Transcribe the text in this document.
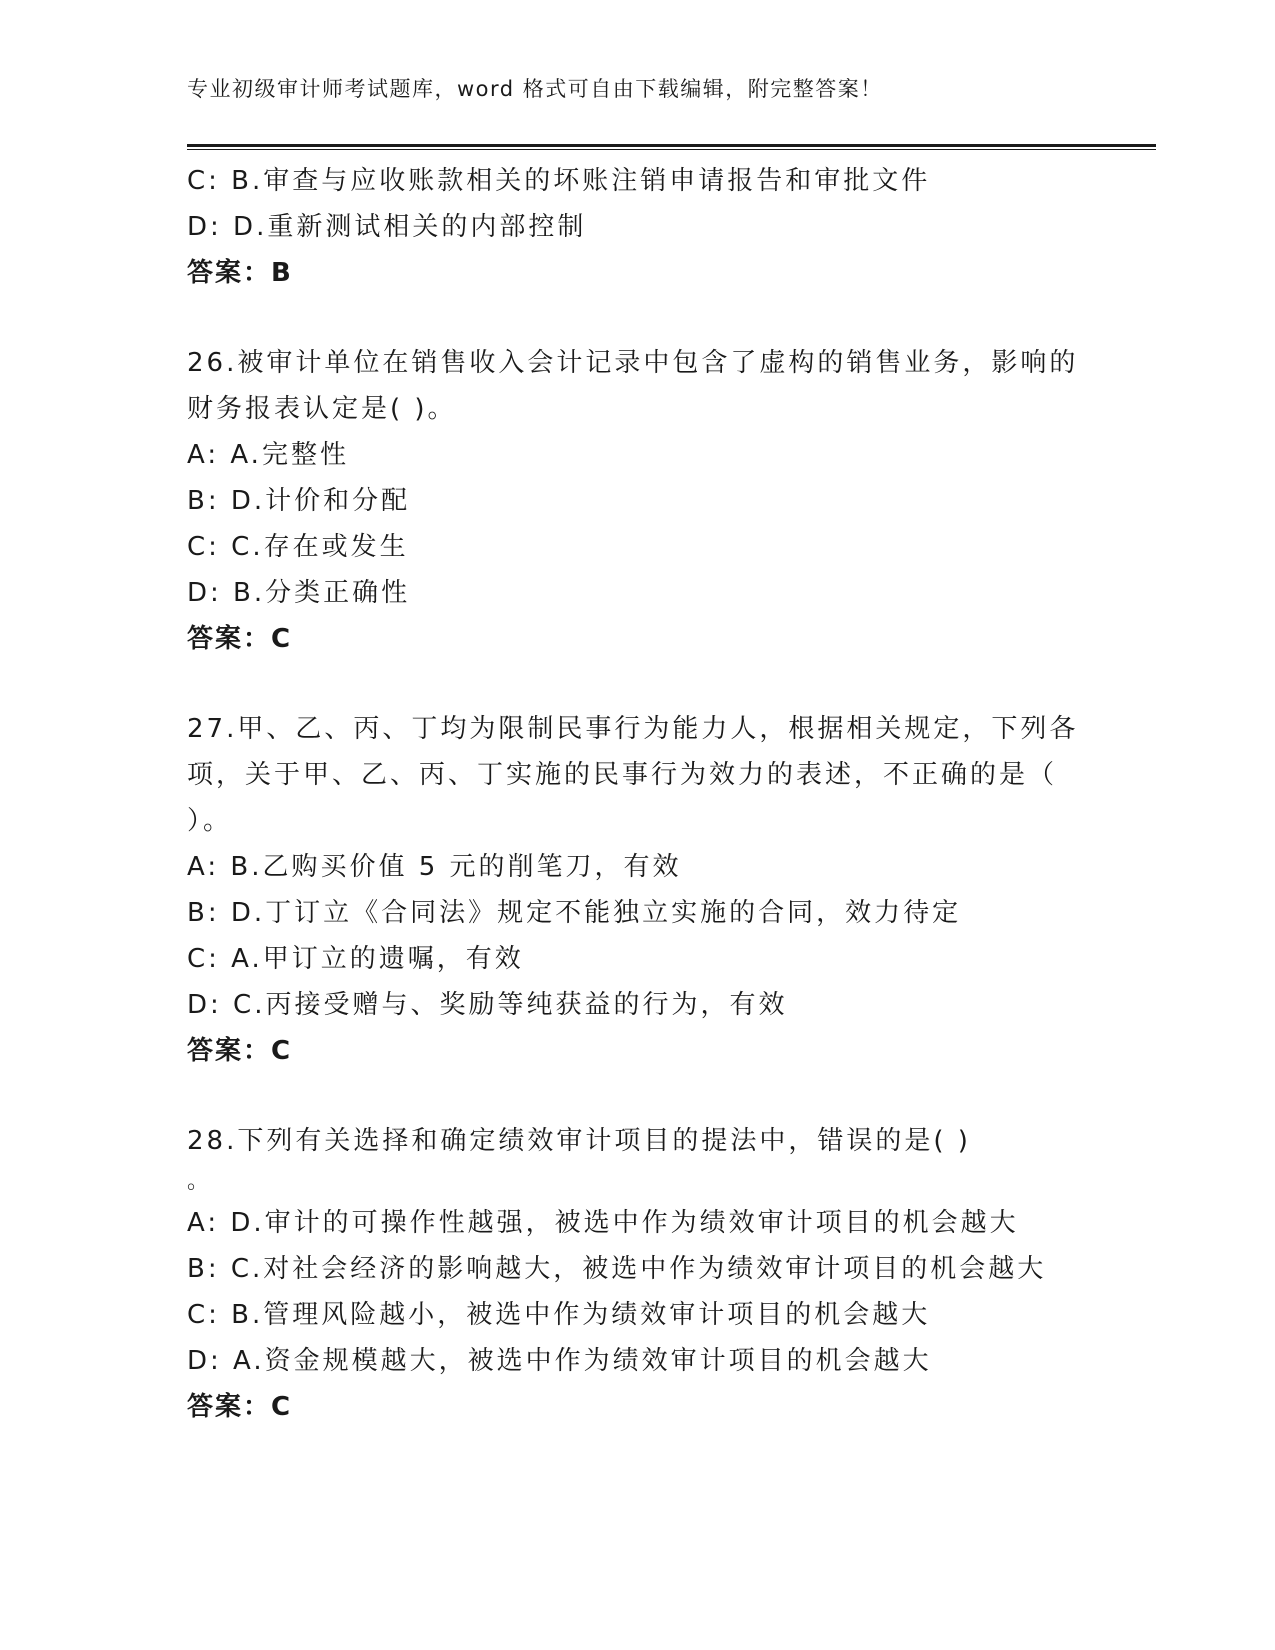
专业初级审计师考试题库，word 格式可自由下载编辑，附完整答案！
C: B.审查与应收账款相关的坏账注销申请报告和审批文件
D: D.重新测试相关的内部控制
答案：B
26.被审计单位在销售收入会计记录中包含了虚构的销售业务，影响的
财务报表认定是( )。
A: A.完整性
B: D.计价和分配
C: C.存在或发生
D: B.分类正确性
答案：C
27.甲、乙、丙、丁均为限制民事行为能力人，根据相关规定，下列各
项，关于甲、乙、丙、丁实施的民事行为效力的表述，不正确的是（
）。
A: B.乙购买价值 5 元的削笔刀，有效
B: D.丁订立《合同法》规定不能独立实施的合同，效力待定
C: A.甲订立的遗嘱，有效
D: C.丙接受赠与、奖励等纯获益的行为，有效
答案：C
28.下列有关选择和确定绩效审计项目的提法中，错误的是( )
。
A: D.审计的可操作性越强，被选中作为绩效审计项目的机会越大
B: C.对社会经济的影响越大，被选中作为绩效审计项目的机会越大
C: B.管理风险越小，被选中作为绩效审计项目的机会越大
D: A.资金规模越大，被选中作为绩效审计项目的机会越大
答案：C
